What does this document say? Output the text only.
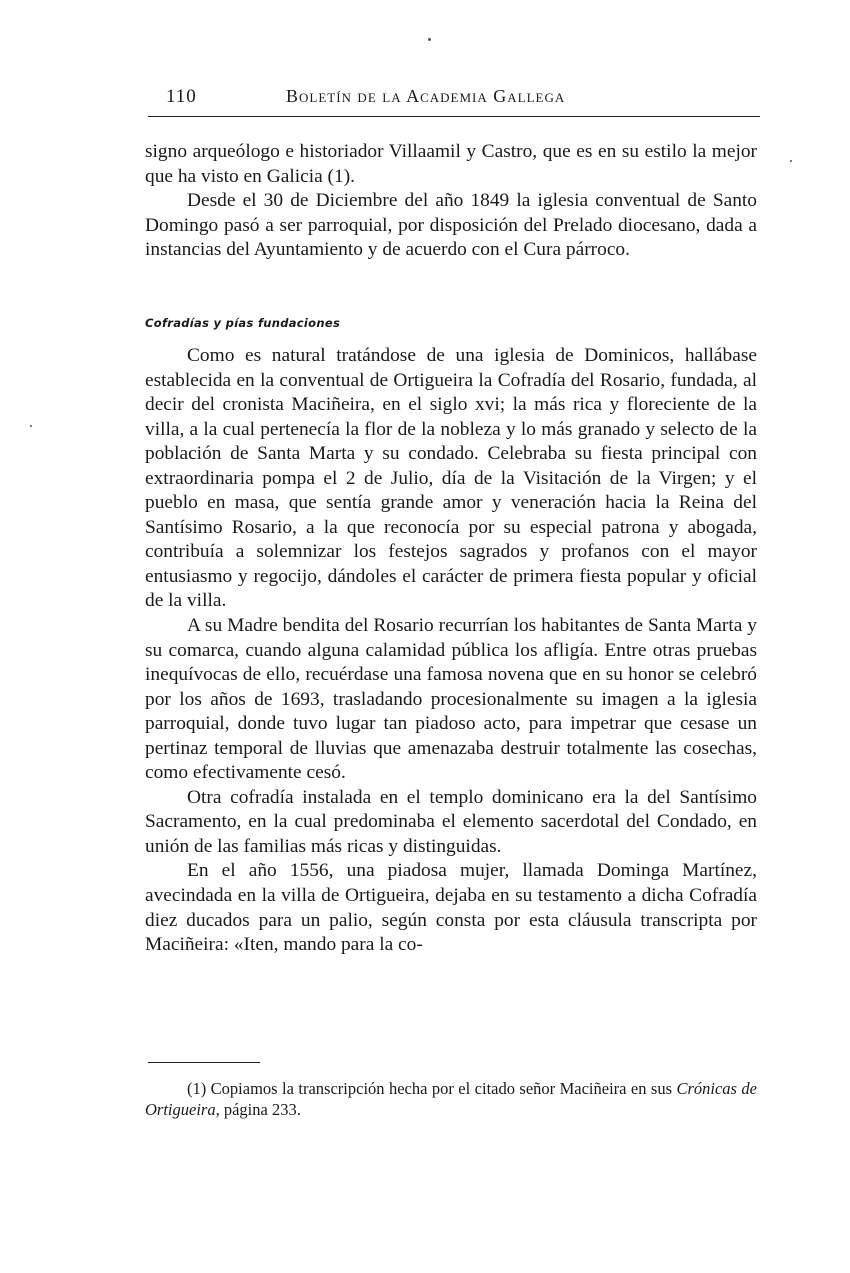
110	Boletín de la Academia Gallega

signo arqueólogo e historiador Villaamil y Castro, que es en su estilo la mejor que ha visto en Galicia (1).

Desde el 30 de Diciembre del año 1849 la iglesia conventual de Santo Domingo pasó a ser parroquial, por disposición del Prelado diocesano, dada a instancias del Ayuntamiento y de acuerdo con el Cura párroco.

Cofradías y pías fundaciones

Como es natural tratándose de una iglesia de Dominicos, hallábase establecida en la conventual de Ortigueira la Cofradía del Rosario, fundada, al decir del cronista Maciñeira, en el siglo xvi; la más rica y floreciente de la villa, a la cual pertenecía la flor de la nobleza y lo más granado y selecto de la población de Santa Marta y su condado. Celebraba su fiesta principal con extraordinaria pompa el 2 de Julio, día de la Visitación de la Virgen; y el pueblo en masa, que sentía grande amor y veneración hacia la Reina del Santísimo Rosario, a la que reconocía por su especial patrona y abogada, contribuía a solemnizar los festejos sagrados y profanos con el mayor entusiasmo y regocijo, dándoles el carácter de primera fiesta popular y oficial de la villa.

A su Madre bendita del Rosario recurrían los habitantes de Santa Marta y su comarca, cuando alguna calamidad pública los afligía. Entre otras pruebas inequívocas de ello, recuérdase una famosa novena que en su honor se celebró por los años de 1693, trasladando procesionalmente su imagen a la iglesia parroquial, donde tuvo lugar tan piadoso acto, para impetrar que cesase un pertinaz temporal de lluvias que amenazaba destruir totalmente las cosechas, como efectivamente cesó.

Otra cofradía instalada en el templo dominicano era la del Santísimo Sacramento, en la cual predominaba el elemento sacerdotal del Condado, en unión de las familias más ricas y distinguidas.

En el año 1556, una piadosa mujer, llamada Dominga Martínez, avecindada en la villa de Ortigueira, dejaba en su testamento a dicha Cofradía diez ducados para un palio, según consta por esta cláusula transcripta por Maciñeira: «Iten, mando para la co-

(1) Copiamos la transcripción hecha por el citado señor Maciñeira en sus Crónicas de Ortigueira, página 233.
